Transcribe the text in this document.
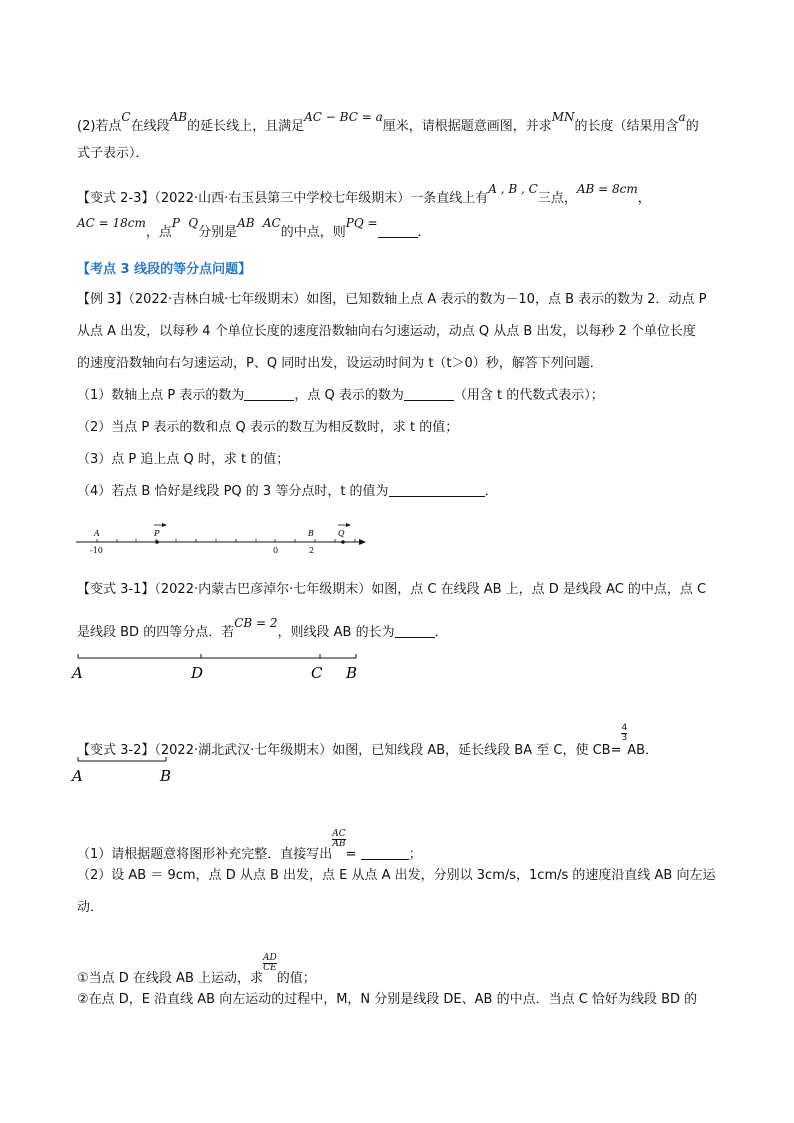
(2)若点C在线段AB的延长线上，且满足AC − BC = a厘米，请根据题意画图，并求MN的长度（结果用含a的
式子表示）．
【变式 2-3】（2022·山西·右玉县第三中学校七年级期末）一条直线上有A , B , C三点，AB = 8cm，
AC = 18cm，点P Q分别是AB AC的中点，则PQ =．
【考点 3 线段的等分点问题】
【例 3】（2022·吉林白城·七年级期末）如图，已知数轴上点 A 表示的数为－10，点 B 表示的数为 2．动点 P
从点 A 出发，以每秒 4 个单位长度的速度沿数轴向右匀速运动，动点 Q 从点 B 出发，以每秒 2 个单位长度
的速度沿数轴向右匀速运动，P、Q 同时出发，设运动时间为 t（t＞0）秒，解答下列问题．
（1）数轴上点 P 表示的数为	，点 Q 表示的数为	（用含 t 的代数式表示）；
（2）当点 P 表示的数和点 Q 表示的数互为相反数时，求 t 的值；
（3）点 P 追上点 Q 时，求 t 的值；
（4）若点 B 恰好是线段 PQ 的 3 等分点时，t 的值为	．
A	P	B	Q
-10	0	2
【变式 3-1】（2022·内蒙古巴彦淖尔·七年级期末）如图，点 C 在线段 AB 上，点 D 是线段 AC 的中点，点 C
是线段 BD 的四等分点．若CB = 2，则线段 AB 的长为	．
A	D	C B
【变式 3-2】（2022·湖北武汉·七年级期末）如图，已知线段 AB，延长线段 BA 至 C，使 CB=
$\frac{4}{3}$
AB．
A	B
（1）请根据题意将图形补充完整．直接写出
$\frac{AC}{AB}$
=	；
（2）设 AB ＝ 9cm，点 D 从点 B 出发，点 E 从点 A 出发，分别以 3cm/s，1cm/s 的速度沿直线 AB 向左运
动．
①当点 D 在线段 AB 上运动，求
$\frac{AD}{CE}$
的值；
②在点 D，E 沿直线 AB 向左运动的过程中，M，N 分别是线段 DE、AB 的中点．当点 C 恰好为线段 BD 的
